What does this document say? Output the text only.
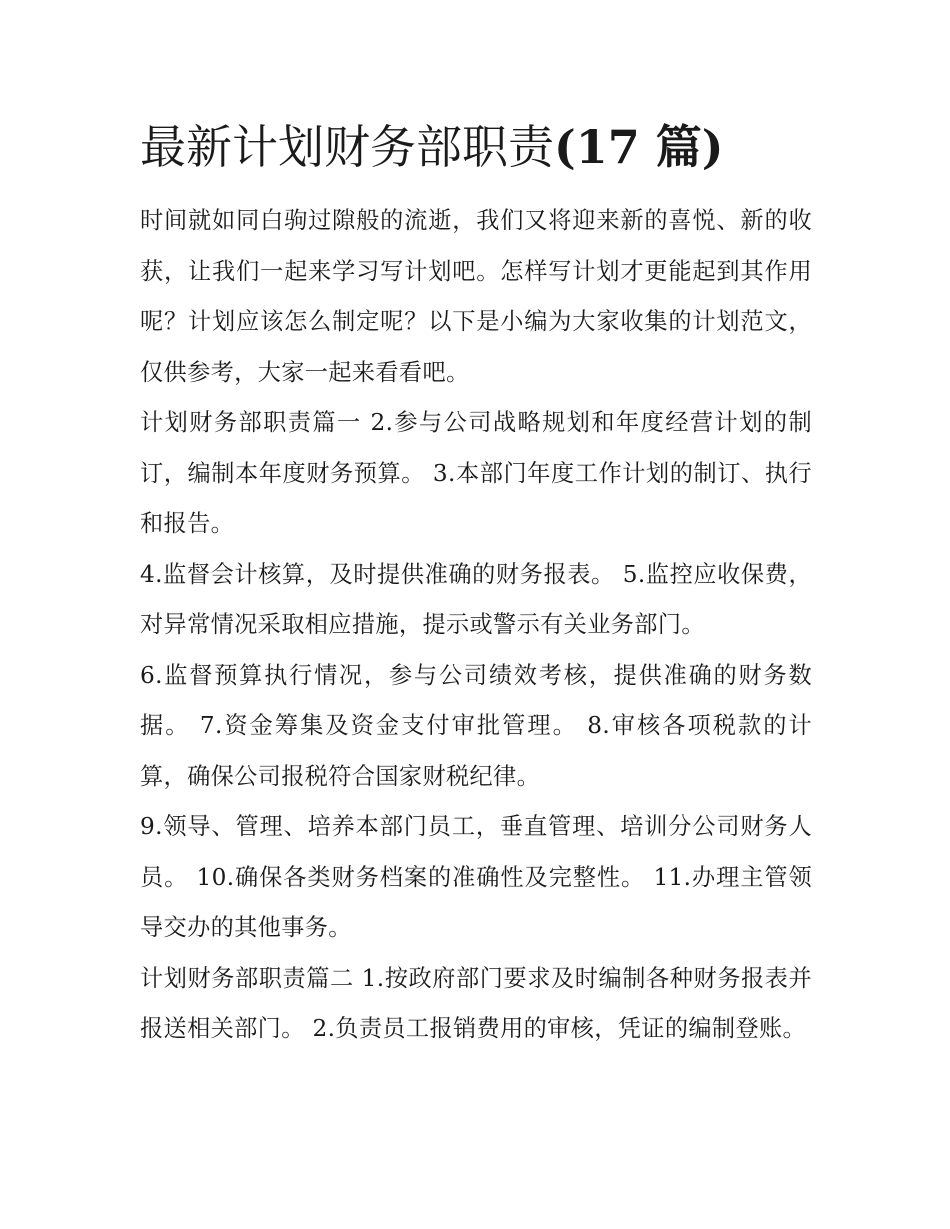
最新计划财务部职责(17 篇)

时间就如同白驹过隙般的流逝，我们又将迎来新的喜悦、新的收获，让我们一起来学习写计划吧。怎样写计划才更能起到其作用呢？计划应该怎么制定呢？以下是小编为大家收集的计划范文，仅供参考，大家一起来看看吧。

计划财务部职责篇一 2.参与公司战略规划和年度经营计划的制订，编制本年度财务预算。 3.本部门年度工作计划的制订、执行和报告。

4.监督会计核算，及时提供准确的财务报表。 5.监控应收保费，对异常情况采取相应措施，提示或警示有关业务部门。

6.监督预算执行情况，参与公司绩效考核，提供准确的财务数据。 7.资金筹集及资金支付审批管理。 8.审核各项税款的计算，确保公司报税符合国家财税纪律。

9.领导、管理、培养本部门员工，垂直管理、培训分公司财务人员。 10.确保各类财务档案的准确性及完整性。 11.办理主管领导交办的其他事务。

计划财务部职责篇二 1.按政府部门要求及时编制各种财务报表并报送相关部门。 2.负责员工报销费用的审核，凭证的编制登账。
